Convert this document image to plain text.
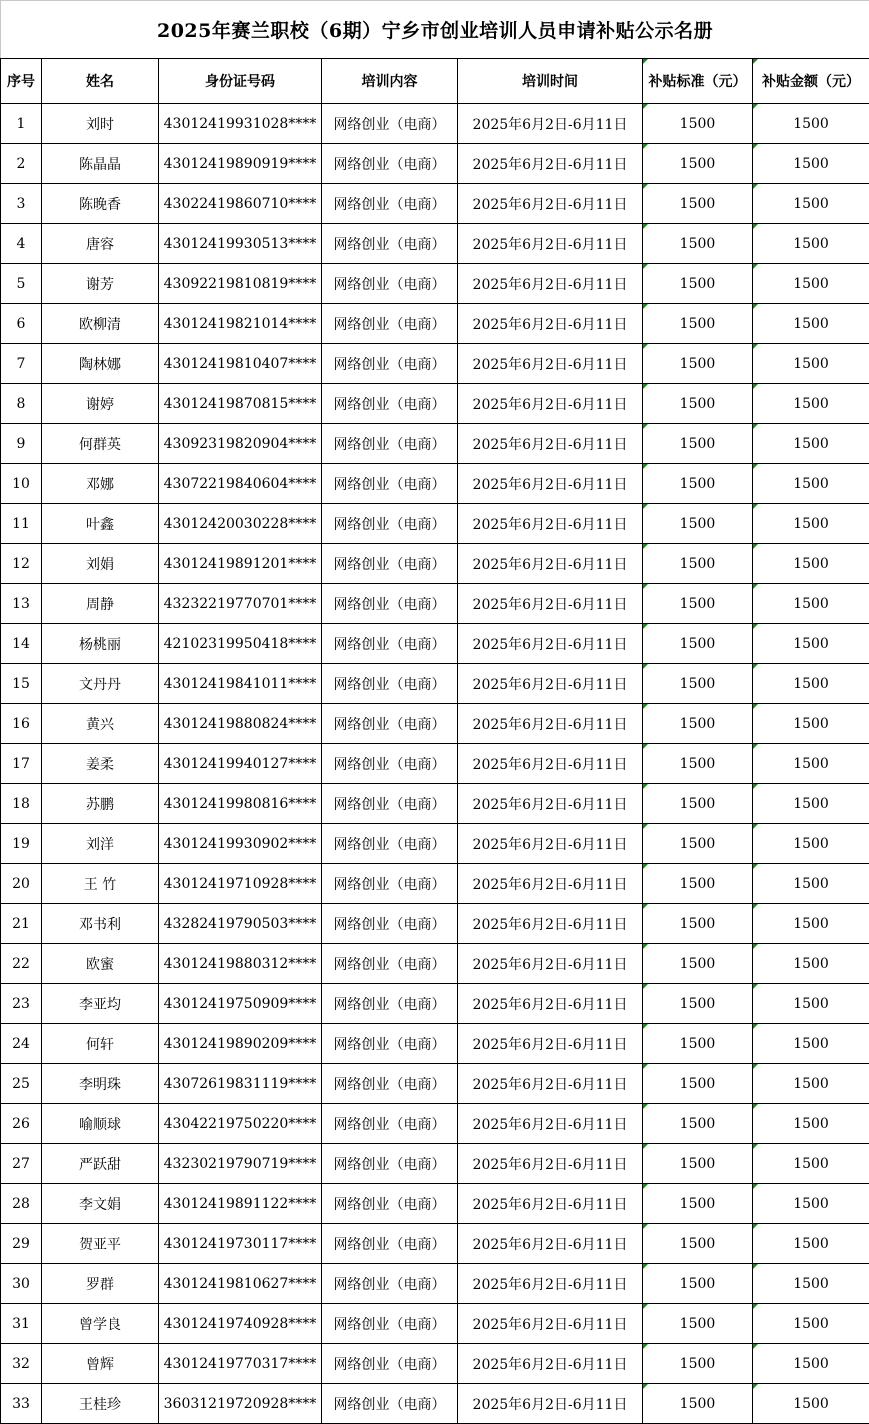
2025年赛兰职校（6期）宁乡市创业培训人员申请补贴公示名册						
序号	姓名	身份证号码	培训内容	培训时间	补贴标准（元）	补贴金额（元）
1	刘时	43012419931028****	网络创业（电商）	2025年6月2日-6月11日	1500	1500
2	陈晶晶	43012419890919****	网络创业（电商）	2025年6月2日-6月11日	1500	1500
3	陈晚香	43022419860710****	网络创业（电商）	2025年6月2日-6月11日	1500	1500
4	唐容	43012419930513****	网络创业（电商）	2025年6月2日-6月11日	1500	1500
5	谢芳	43092219810819****	网络创业（电商）	2025年6月2日-6月11日	1500	1500
6	欧柳清	43012419821014****	网络创业（电商）	2025年6月2日-6月11日	1500	1500
7	陶林娜	43012419810407****	网络创业（电商）	2025年6月2日-6月11日	1500	1500
8	谢婷	43012419870815****	网络创业（电商）	2025年6月2日-6月11日	1500	1500
9	何群英	43092319820904****	网络创业（电商）	2025年6月2日-6月11日	1500	1500
10	邓娜	43072219840604****	网络创业（电商）	2025年6月2日-6月11日	1500	1500
11	叶鑫	43012420030228****	网络创业（电商）	2025年6月2日-6月11日	1500	1500
12	刘娟	43012419891201****	网络创业（电商）	2025年6月2日-6月11日	1500	1500
13	周静	43232219770701****	网络创业（电商）	2025年6月2日-6月11日	1500	1500
14	杨桃丽	42102319950418****	网络创业（电商）	2025年6月2日-6月11日	1500	1500
15	文丹丹	43012419841011****	网络创业（电商）	2025年6月2日-6月11日	1500	1500
16	黄兴	43012419880824****	网络创业（电商）	2025年6月2日-6月11日	1500	1500
17	姜柔	43012419940127****	网络创业（电商）	2025年6月2日-6月11日	1500	1500
18	苏鹏	43012419980816****	网络创业（电商）	2025年6月2日-6月11日	1500	1500
19	刘洋	43012419930902****	网络创业（电商）	2025年6月2日-6月11日	1500	1500
20	王 竹	43012419710928****	网络创业（电商）	2025年6月2日-6月11日	1500	1500
21	邓书利	43282419790503****	网络创业（电商）	2025年6月2日-6月11日	1500	1500
22	欧蜜	43012419880312****	网络创业（电商）	2025年6月2日-6月11日	1500	1500
23	李亚均	43012419750909****	网络创业（电商）	2025年6月2日-6月11日	1500	1500
24	何轩	43012419890209****	网络创业（电商）	2025年6月2日-6月11日	1500	1500
25	李明珠	43072619831119****	网络创业（电商）	2025年6月2日-6月11日	1500	1500
26	喻顺球	43042219750220****	网络创业（电商）	2025年6月2日-6月11日	1500	1500
27	严跃甜	43230219790719****	网络创业（电商）	2025年6月2日-6月11日	1500	1500
28	李文娟	43012419891122****	网络创业（电商）	2025年6月2日-6月11日	1500	1500
29	贺亚平	43012419730117****	网络创业（电商）	2025年6月2日-6月11日	1500	1500
30	罗群	43012419810627****	网络创业（电商）	2025年6月2日-6月11日	1500	1500
31	曾学良	43012419740928****	网络创业（电商）	2025年6月2日-6月11日	1500	1500
32	曾辉	43012419770317****	网络创业（电商）	2025年6月2日-6月11日	1500	1500
33	王桂珍	36031219720928****	网络创业（电商）	2025年6月2日-6月11日	1500	1500
